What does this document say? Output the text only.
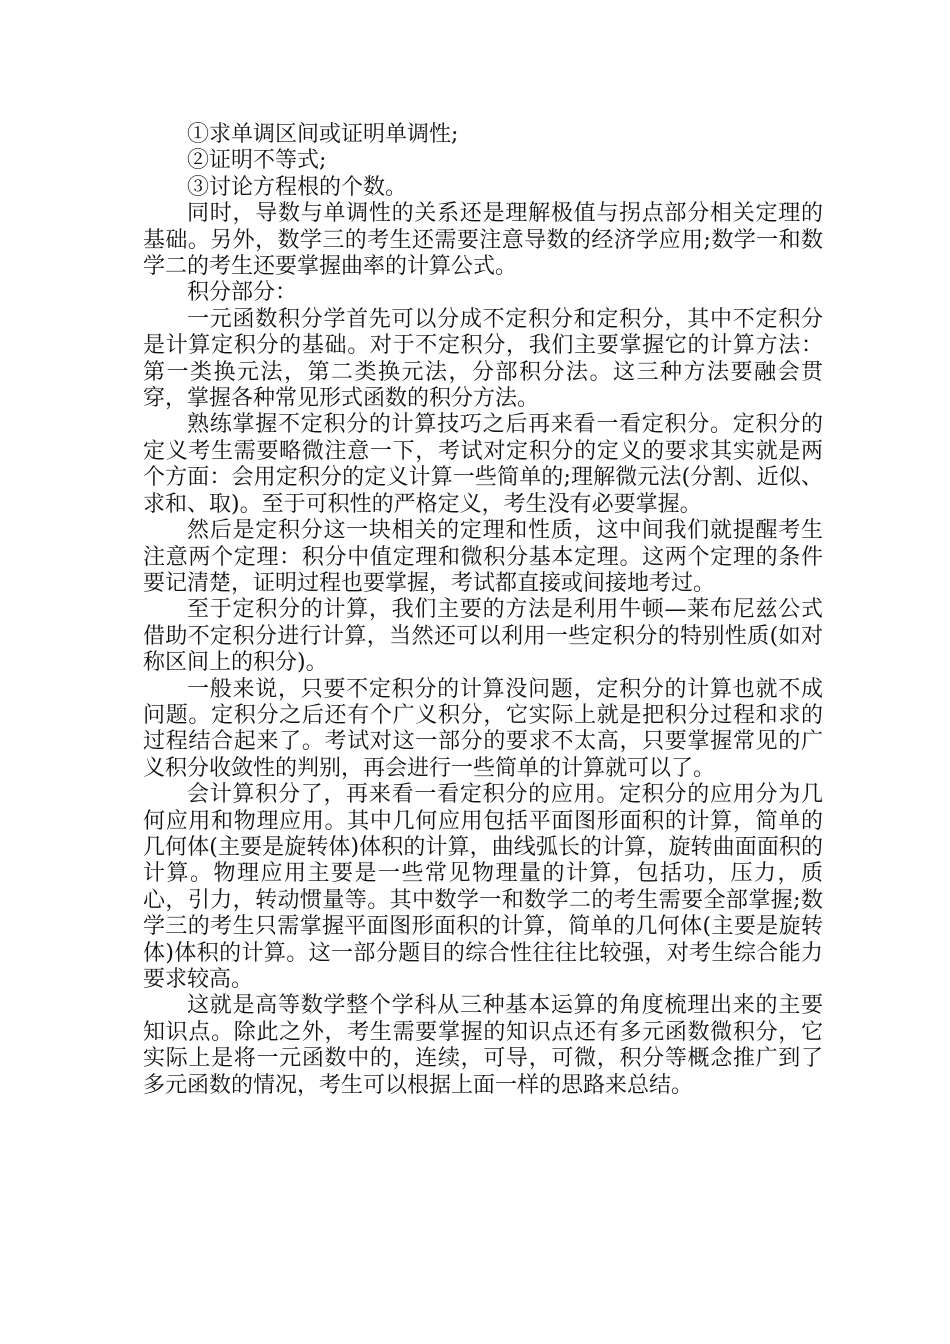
①求单调区间或证明单调性;

②证明不等式;

③讨论方程根的个数。

同时，导数与单调性的关系还是理解极值与拐点部分相关定理的基础。另外，数学三的考生还需要注意导数的经济学应用;数学一和数学二的考生还要掌握曲率的计算公式。

积分部分：

一元函数积分学首先可以分成不定积分和定积分，其中不定积分是计算定积分的基础。对于不定积分，我们主要掌握它的计算方法：第一类换元法，第二类换元法，分部积分法。这三种方法要融会贯穿，掌握各种常见形式函数的积分方法。

熟练掌握不定积分的计算技巧之后再来看一看定积分。定积分的定义考生需要略微注意一下，考试对定积分的定义的要求其实就是两个方面：会用定积分的定义计算一些简单的;理解微元法(分割、近似、求和、取)。至于可积性的严格定义，考生没有必要掌握。

然后是定积分这一块相关的定理和性质，这中间我们就提醒考生注意两个定理：积分中值定理和微积分基本定理。这两个定理的条件要记清楚，证明过程也要掌握，考试都直接或间接地考过。

至于定积分的计算，我们主要的方法是利用牛顿—莱布尼兹公式借助不定积分进行计算，当然还可以利用一些定积分的特别性质(如对称区间上的积分)。

一般来说，只要不定积分的计算没问题，定积分的计算也就不成问题。定积分之后还有个广义积分，它实际上就是把积分过程和求的过程结合起来了。考试对这一部分的要求不太高，只要掌握常见的广义积分收敛性的判别，再会进行一些简单的计算就可以了。

会计算积分了，再来看一看定积分的应用。定积分的应用分为几何应用和物理应用。其中几何应用包括平面图形面积的计算，简单的几何体(主要是旋转体)体积的计算，曲线弧长的计算，旋转曲面面积的计算。物理应用主要是一些常见物理量的计算，包括功，压力，质心，引力，转动惯量等。其中数学一和数学二的考生需要全部掌握;数学三的考生只需掌握平面图形面积的计算，简单的几何体(主要是旋转体)体积的计算。这一部分题目的综合性往往比较强，对考生综合能力要求较高。

这就是高等数学整个学科从三种基本运算的角度梳理出来的主要知识点。除此之外，考生需要掌握的知识点还有多元函数微积分，它实际上是将一元函数中的，连续，可导，可微，积分等概念推广到了多元函数的情况，考生可以根据上面一样的思路来总结。
